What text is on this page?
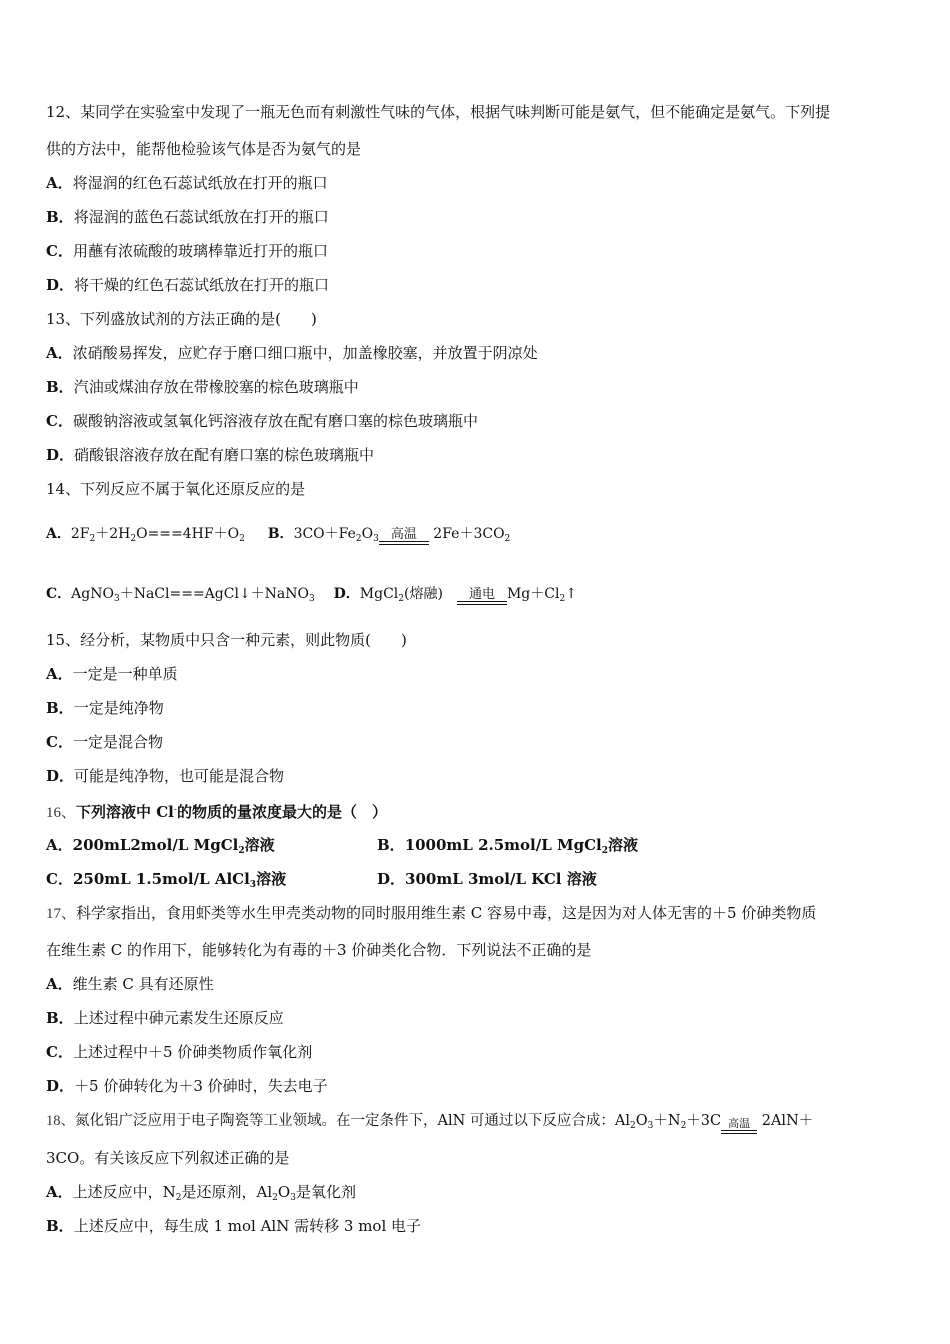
12、某同学在实验室中发现了一瓶无色而有刺激性气味的气体，根据气味判断可能是氨气，但不能确定是氨气。下列提
供的方法中，能帮他检验该气体是否为氨气的是
A．将湿润的红色石蕊试纸放在打开的瓶口
B．将湿润的蓝色石蕊试纸放在打开的瓶口
C．用蘸有浓硫酸的玻璃棒靠近打开的瓶口
D．将干燥的红色石蕊试纸放在打开的瓶口
13、下列盛放试剂的方法正确的是(　　)
A．浓硝酸易挥发，应贮存于磨口细口瓶中，加盖橡胶塞，并放置于阴凉处
B．汽油或煤油存放在带橡胶塞的棕色玻璃瓶中
C．碳酸钠溶液或氢氧化钙溶液存放在配有磨口塞的棕色玻璃瓶中
D．硝酸银溶液存放在配有磨口塞的棕色玻璃瓶中
14、下列反应不属于氧化还原反应的是
A．$2F_2+2H_2O===4HF+O_2$ B．$3CO+Fe_2O_3$ 高温 $2Fe+3CO_2$
C．AgNO$_3$＋NaCl===AgCl↓＋NaNO$_3$ D．MgCl$_2$(熔融)　 通电 $Mg+Cl_2↑$
15、经分析，某物质中只含一种元素，则此物质(　　)
A．一定是一种单质
B．一定是纯净物
C．一定是混合物
D．可能是纯净物，也可能是混合物
16、下列溶液中 Cl-的物质的量浓度最大的是（　）
A．200mL2mol/L MgCl$_2$溶液	B．1000mL 2.5mol/L MgCl$_2$溶液
C．250mL 1.5mol/L AlCl$_3$溶液	D．300mL 3mol/L KCl 溶液
17、科学家指出，食用虾类等水生甲壳类动物的同时服用维生素 C 容易中毒，这是因为对人体无害的＋5 价砷类物质
在维生素 C 的作用下，能够转化为有毒的＋3 价砷类化合物．下列说法不正确的是
A．维生素 C 具有还原性
B．上述过程中砷元素发生还原反应
C．上述过程中＋5 价砷类物质作氧化剂
D．＋5 价砷转化为＋3 价砷时，失去电子
18、氮化铝广泛应用于电子陶瓷等工业领域。在一定条件下，AlN 可通过以下反应合成：$Al_2O_3+N_2+3C$ 高温 2AlN＋
3CO。有关该反应下列叙述正确的是
A．上述反应中，$N_2$是还原剂，$Al_2O_3$是氧化剂
B．上述反应中，每生成 1 mol AlN 需转移 3 mol 电子
